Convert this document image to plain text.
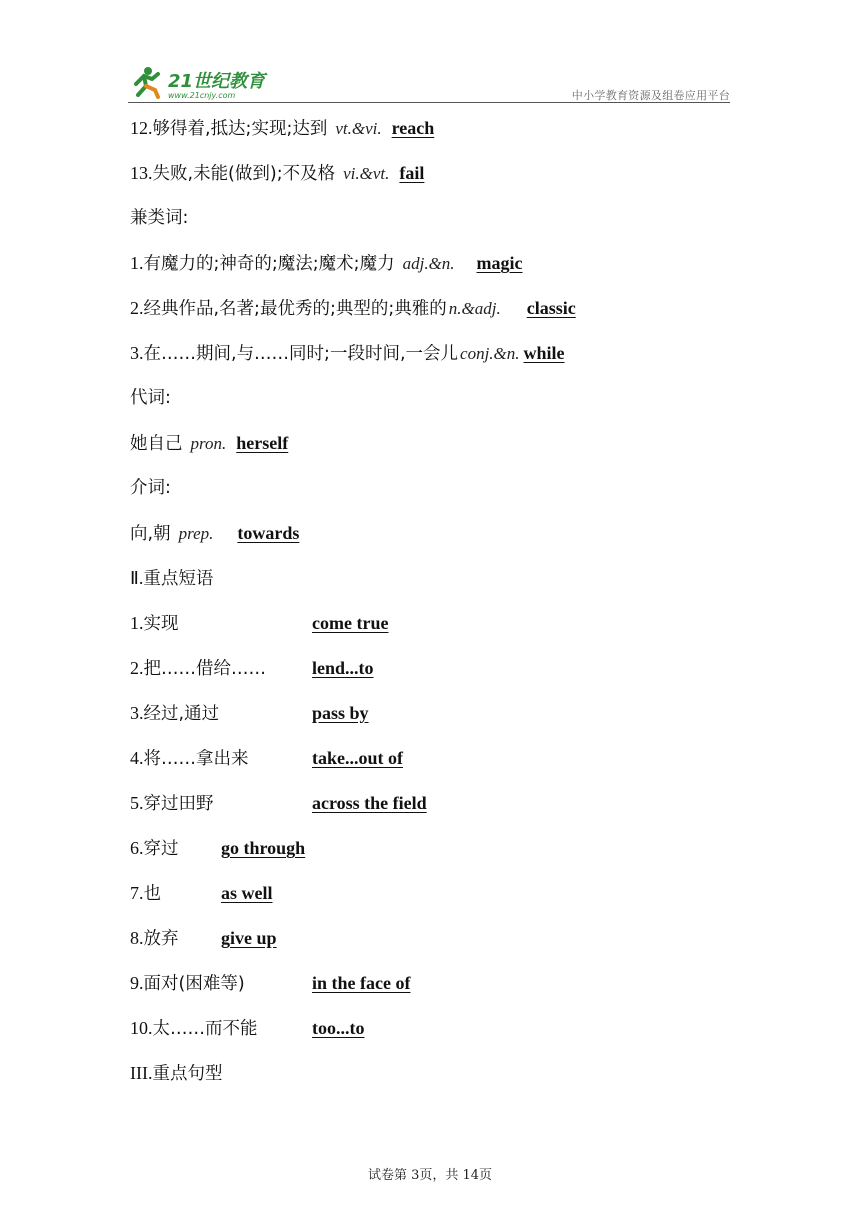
21世纪教育
www.21cnjy.com	中小学教育资源及组卷应用平台
12.够得着,抵达;实现;达到 vt.&vi. reach
13.失败,未能(做到);不及格 vi.&vt. fail
兼类词:
1.有魔力的;神奇的;魔法;魔术;魔力 adj.&n. magic
2.经典作品,名著;最优秀的;典型的;典雅的 n.&adj. classic
3.在……期间,与……同时;一段时间,一会儿 conj.&n. while
代词:
她自己 pron. herself
介词:
向,朝 prep. towards
Ⅱ.重点短语
1.实现	come true
2.把……借给……	lend...to
3.经过,通过	pass by
4.将……拿出来	take...out of
5.穿过田野	across the field
6.穿过 go through
7.也	as well
8.放弃 give up
9.面对(困难等)	in the face of
10.太……而不能	too...to
III.重点句型
试卷第 3页，共 14页
